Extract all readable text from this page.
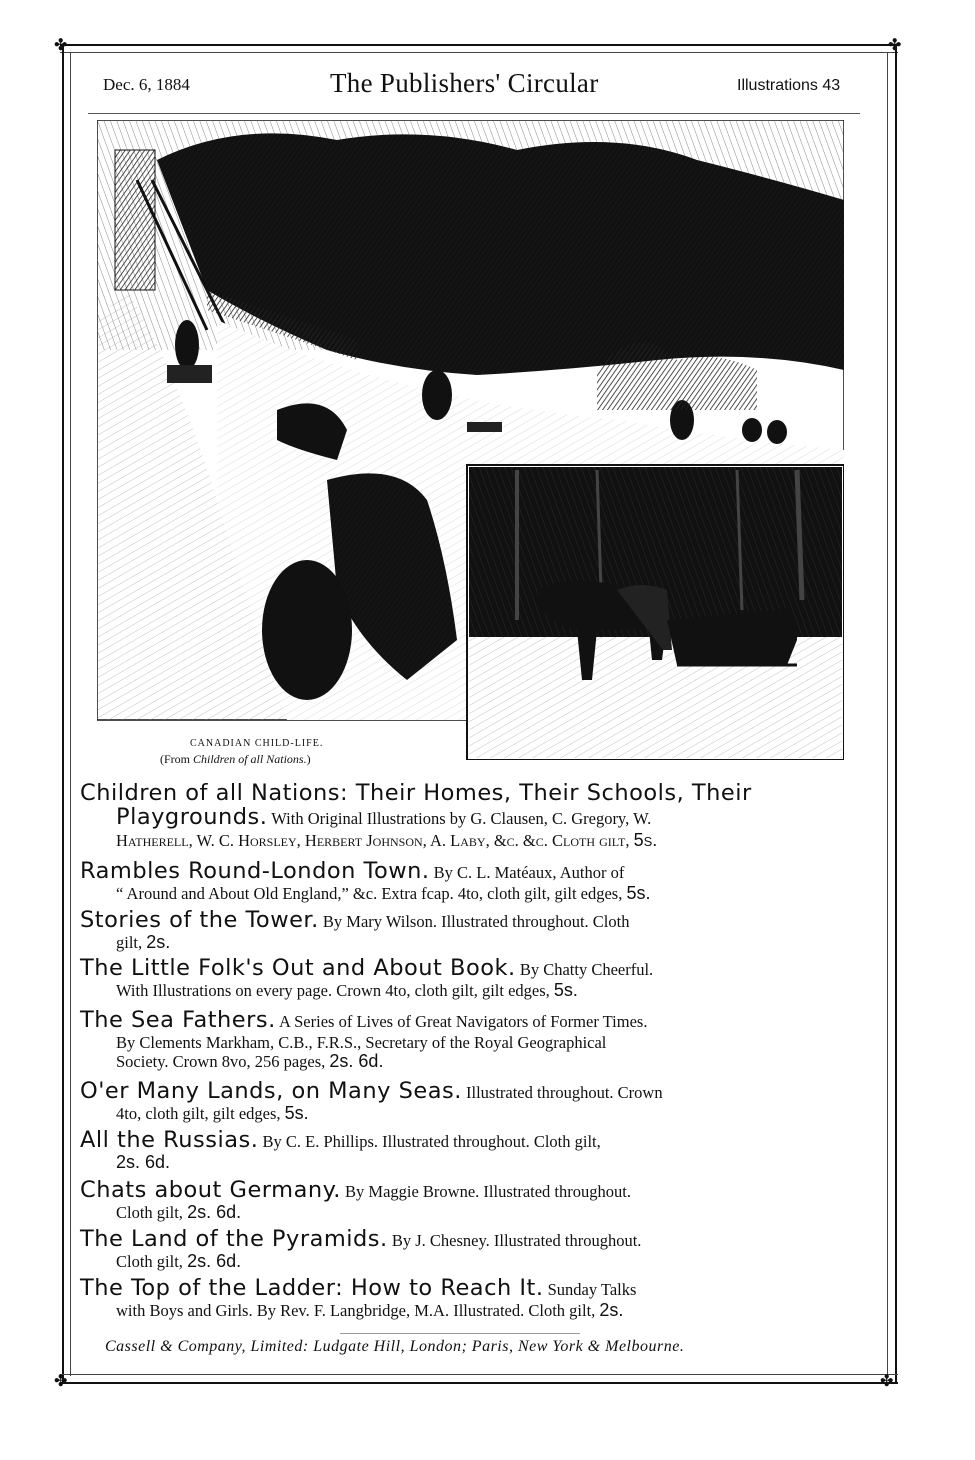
✤	✤
✤	✤
Dec. 6, 1884	The Publishers' Circular	Illustrations 43
CANADIAN CHILD-LIFE.
(From Children of all Nations.)
Children of all Nations: Their Homes, Their Schools, Their
Playgrounds. With Original Illustrations by G. Clausen, C. Gregory, W.
Hatherell, W. C. Horsley, Herbert Johnson, A. Laby, &c. &c. Cloth gilt, 5s.
Rambles Round-London Town. By C. L. Matéaux, Author of
“ Around and About Old England,” &c. Extra fcap. 4to, cloth gilt, gilt edges, 5s.
Stories of the Tower. By Mary Wilson. Illustrated throughout. Cloth
gilt, 2s.
The Little Folk's Out and About Book. By Chatty Cheerful.
With Illustrations on every page. Crown 4to, cloth gilt, gilt edges, 5s.
The Sea Fathers. A Series of Lives of Great Navigators of Former Times.
By Clements Markham, C.B., F.R.S., Secretary of the Royal Geographical
Society. Crown 8vo, 256 pages, 2s. 6d.
O'er Many Lands, on Many Seas. Illustrated throughout. Crown
4to, cloth gilt, gilt edges, 5s.
All the Russias. By C. E. Phillips. Illustrated throughout. Cloth gilt,
2s. 6d.
Chats about Germany. By Maggie Browne. Illustrated throughout.
Cloth gilt, 2s. 6d.
The Land of the Pyramids. By J. Chesney. Illustrated throughout.
Cloth gilt, 2s. 6d.
The Top of the Ladder: How to Reach It. Sunday Talks
with Boys and Girls. By Rev. F. Langbridge, M.A. Illustrated. Cloth gilt, 2s.
Cassell & Company, Limited: Ludgate Hill, London; Paris, New York & Melbourne.
